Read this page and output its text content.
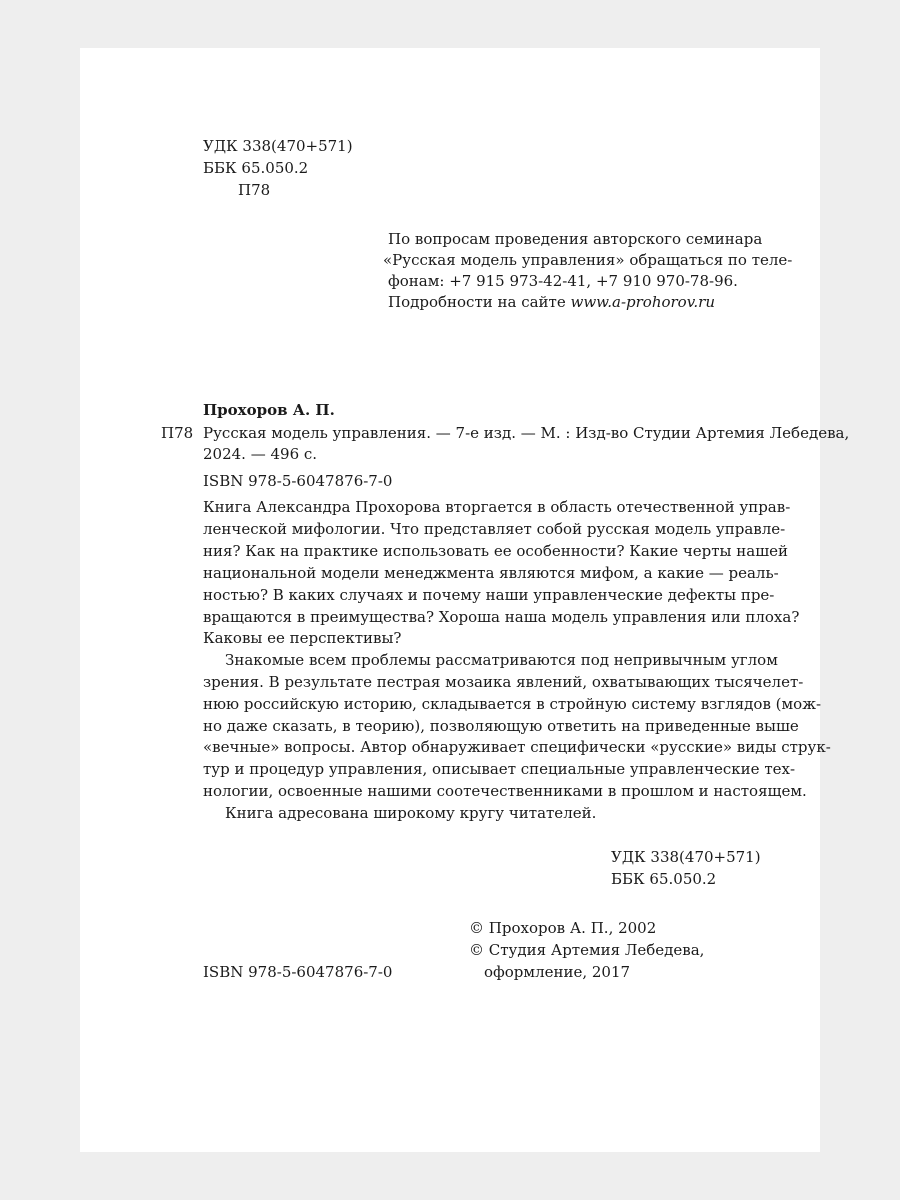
УДК 338(470+571)
ББК 65.050.2
П78
По вопросам проведения авторского семинара
«Русская модель управления» обращаться по теле-
фонам: +7 915 973-42-41, +7 910 970-78-96.
Подробности на сайте www.a-prohorov.ru
Прохоров А. П.
П78 Русская модель управления. — 7-е изд. — М. : Изд-во Студии Артемия Лебедева,
2024. — 496 с.
ISBN 978-5-6047876-7-0
Книга Александра Прохорова вторгается в область отечественной управ-
ленческой мифологии. Что представляет собой русская модель управле-
ния? Как на практике использовать ее особенности? Какие черты нашей
национальной модели менеджмента являются мифом, а какие — реаль-
ностью? В каких случаях и почему наши управленческие дефекты пре-
вращаются в преимущества? Хороша наша модель управления или плоха?
Каковы ее перспективы?
Знакомые всем проблемы рассматриваются под непривычным углом
зрения. В результате пестрая мозаика явлений, охватывающих тысячелет-
нюю российскую историю, складывается в стройную систему взглядов (мож-
но даже сказать, в теорию), позволяющую ответить на приведенные выше
«вечные» вопросы. Автор обнаруживает специфически «русские» виды струк-
тур и процедур управления, описывает специальные управленческие тех-
нологии, освоенные нашими соотечественниками в прошлом и настоящем.
Книга адресована широкому кругу читателей.
УДК 338(470+571)
ББК 65.050.2
© Прохоров А. П., 2002
© Студия Артемия Лебедева,
оформление, 2017
ISBN 978-5-6047876-7-0
